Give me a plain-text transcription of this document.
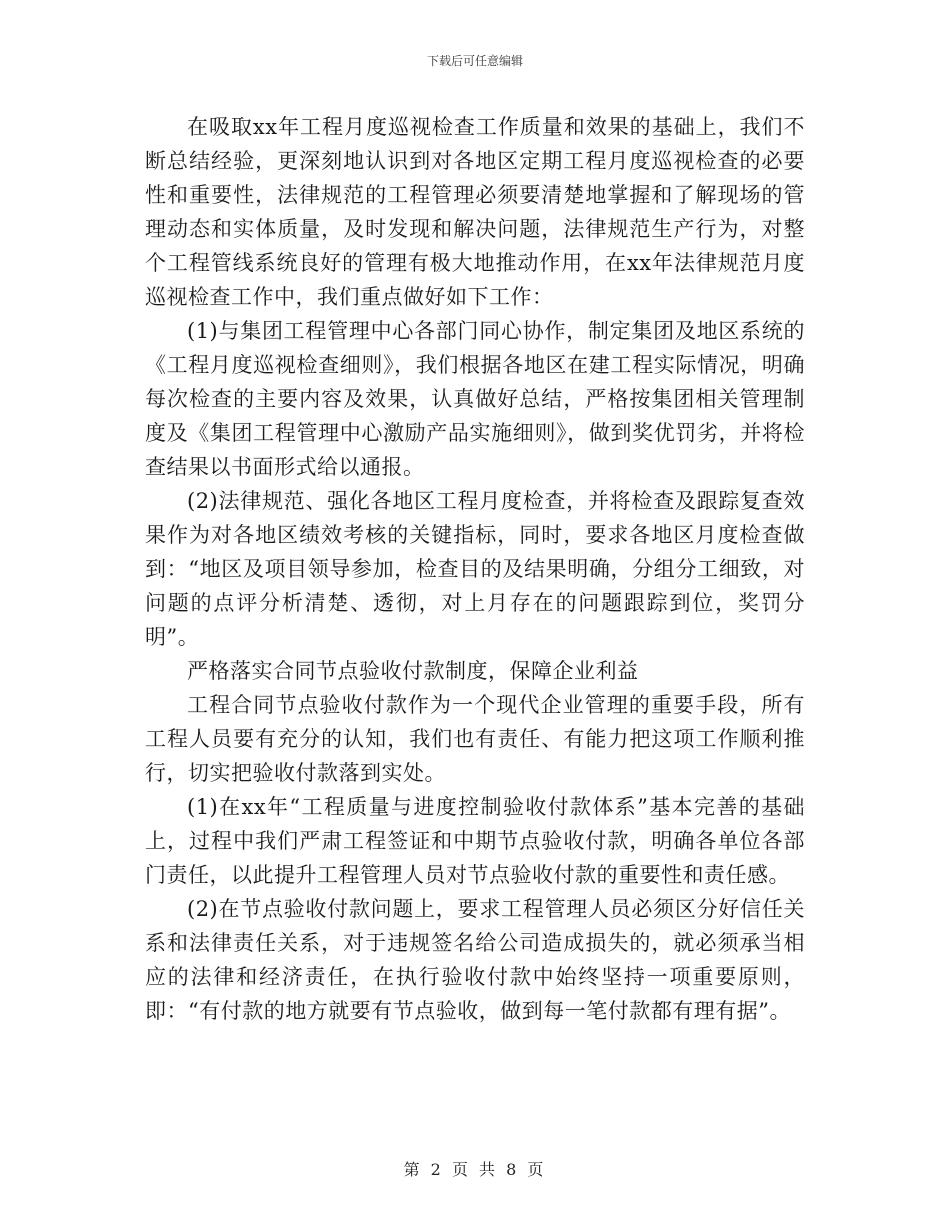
下载后可任意编辑

在吸取xx年工程月度巡视检查工作质量和效果的基础上，我们不断总结经验，更深刻地认识到对各地区定期工程月度巡视检查的必要性和重要性，法律规范的工程管理必须要清楚地掌握和了解现场的管理动态和实体质量，及时发现和解决问题，法律规范生产行为，对整个工程管线系统良好的管理有极大地推动作用，在xx年法律规范月度巡视检查工作中，我们重点做好如下工作：

(1)与集团工程管理中心各部门同心协作，制定集团及地区系统的《工程月度巡视检查细则》，我们根据各地区在建工程实际情况，明确每次检查的主要内容及效果，认真做好总结，严格按集团相关管理制度及《集团工程管理中心激励产品实施细则》，做到奖优罚劣，并将检查结果以书面形式给以通报。

(2)法律规范、强化各地区工程月度检查，并将检查及跟踪复查效果作为对各地区绩效考核的关键指标，同时，要求各地区月度检查做到：“地区及项目领导参加，检查目的及结果明确，分组分工细致，对问题的点评分析清楚、透彻，对上月存在的问题跟踪到位，奖罚分明”。

严格落实合同节点验收付款制度，保障企业利益

工程合同节点验收付款作为一个现代企业管理的重要手段，所有工程人员要有充分的认知，我们也有责任、有能力把这项工作顺利推行，切实把验收付款落到实处。

(1)在xx年“工程质量与进度控制验收付款体系”基本完善的基础上，过程中我们严肃工程签证和中期节点验收付款，明确各单位各部门责任，以此提升工程管理人员对节点验收付款的重要性和责任感。

(2)在节点验收付款问题上，要求工程管理人员必须区分好信任关系和法律责任关系，对于违规签名给公司造成损失的，就必须承当相应的法律和经济责任，在执行验收付款中始终坚持一项重要原则，即：“有付款的地方就要有节点验收，做到每一笔付款都有理有据”。

第 2 页 共 8 页
